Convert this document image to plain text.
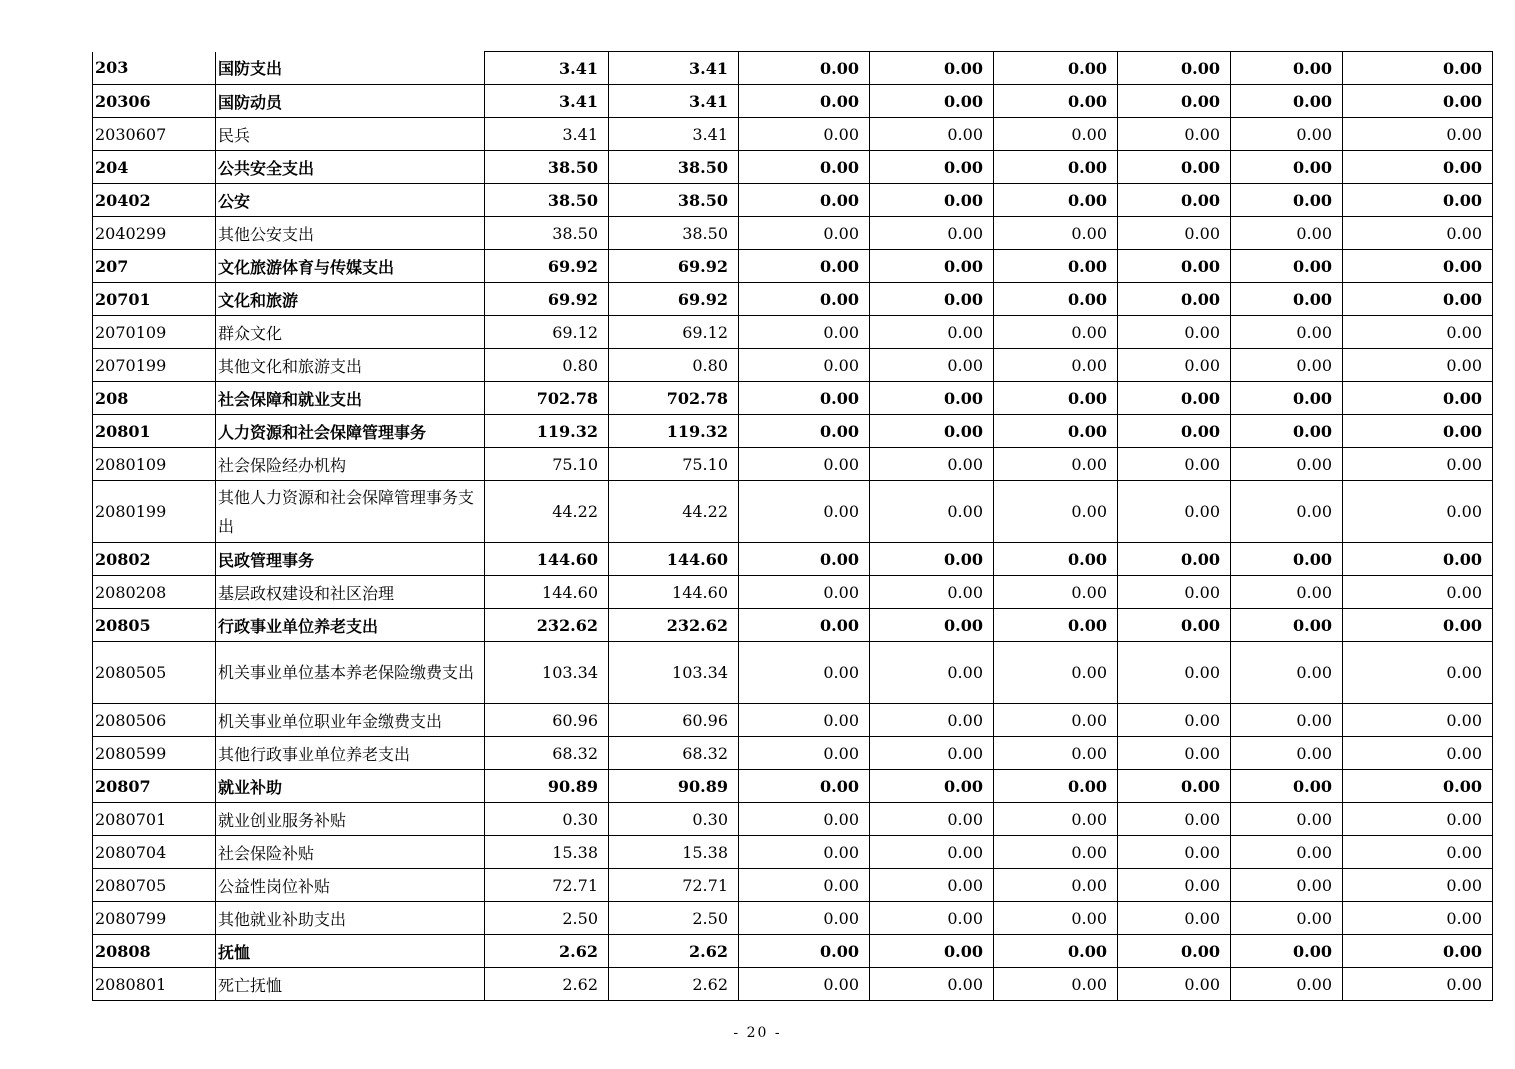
203	国防支出	3.41	3.41	0.00	0.00	0.00	0.00	0.00	0.00
20306	国防动员	3.41	3.41	0.00	0.00	0.00	0.00	0.00	0.00
2030607	民兵	3.41	3.41	0.00	0.00	0.00	0.00	0.00	0.00
204	公共安全支出	38.50	38.50	0.00	0.00	0.00	0.00	0.00	0.00
20402	公安	38.50	38.50	0.00	0.00	0.00	0.00	0.00	0.00
2040299	其他公安支出	38.50	38.50	0.00	0.00	0.00	0.00	0.00	0.00
207	文化旅游体育与传媒支出	69.92	69.92	0.00	0.00	0.00	0.00	0.00	0.00
20701	文化和旅游	69.92	69.92	0.00	0.00	0.00	0.00	0.00	0.00
2070109	群众文化	69.12	69.12	0.00	0.00	0.00	0.00	0.00	0.00
2070199	其他文化和旅游支出	0.80	0.80	0.00	0.00	0.00	0.00	0.00	0.00
208	社会保障和就业支出	702.78	702.78	0.00	0.00	0.00	0.00	0.00	0.00
20801	人力资源和社会保障管理事务	119.32	119.32	0.00	0.00	0.00	0.00	0.00	0.00
2080109	社会保险经办机构	75.10	75.10	0.00	0.00	0.00	0.00	0.00	0.00
2080199	其他人力资源和社会保障管理事务支出	44.22	44.22	0.00	0.00	0.00	0.00	0.00	0.00
20802	民政管理事务	144.60	144.60	0.00	0.00	0.00	0.00	0.00	0.00
2080208	基层政权建设和社区治理	144.60	144.60	0.00	0.00	0.00	0.00	0.00	0.00
20805	行政事业单位养老支出	232.62	232.62	0.00	0.00	0.00	0.00	0.00	0.00
2080505	机关事业单位基本养老保险缴费支出	103.34	103.34	0.00	0.00	0.00	0.00	0.00	0.00
2080506	机关事业单位职业年金缴费支出	60.96	60.96	0.00	0.00	0.00	0.00	0.00	0.00
2080599	其他行政事业单位养老支出	68.32	68.32	0.00	0.00	0.00	0.00	0.00	0.00
20807	就业补助	90.89	90.89	0.00	0.00	0.00	0.00	0.00	0.00
2080701	就业创业服务补贴	0.30	0.30	0.00	0.00	0.00	0.00	0.00	0.00
2080704	社会保险补贴	15.38	15.38	0.00	0.00	0.00	0.00	0.00	0.00
2080705	公益性岗位补贴	72.71	72.71	0.00	0.00	0.00	0.00	0.00	0.00
2080799	其他就业补助支出	2.50	2.50	0.00	0.00	0.00	0.00	0.00	0.00
20808	抚恤	2.62	2.62	0.00	0.00	0.00	0.00	0.00	0.00
2080801	死亡抚恤	2.62	2.62	0.00	0.00	0.00	0.00	0.00	0.00
- 20 -
